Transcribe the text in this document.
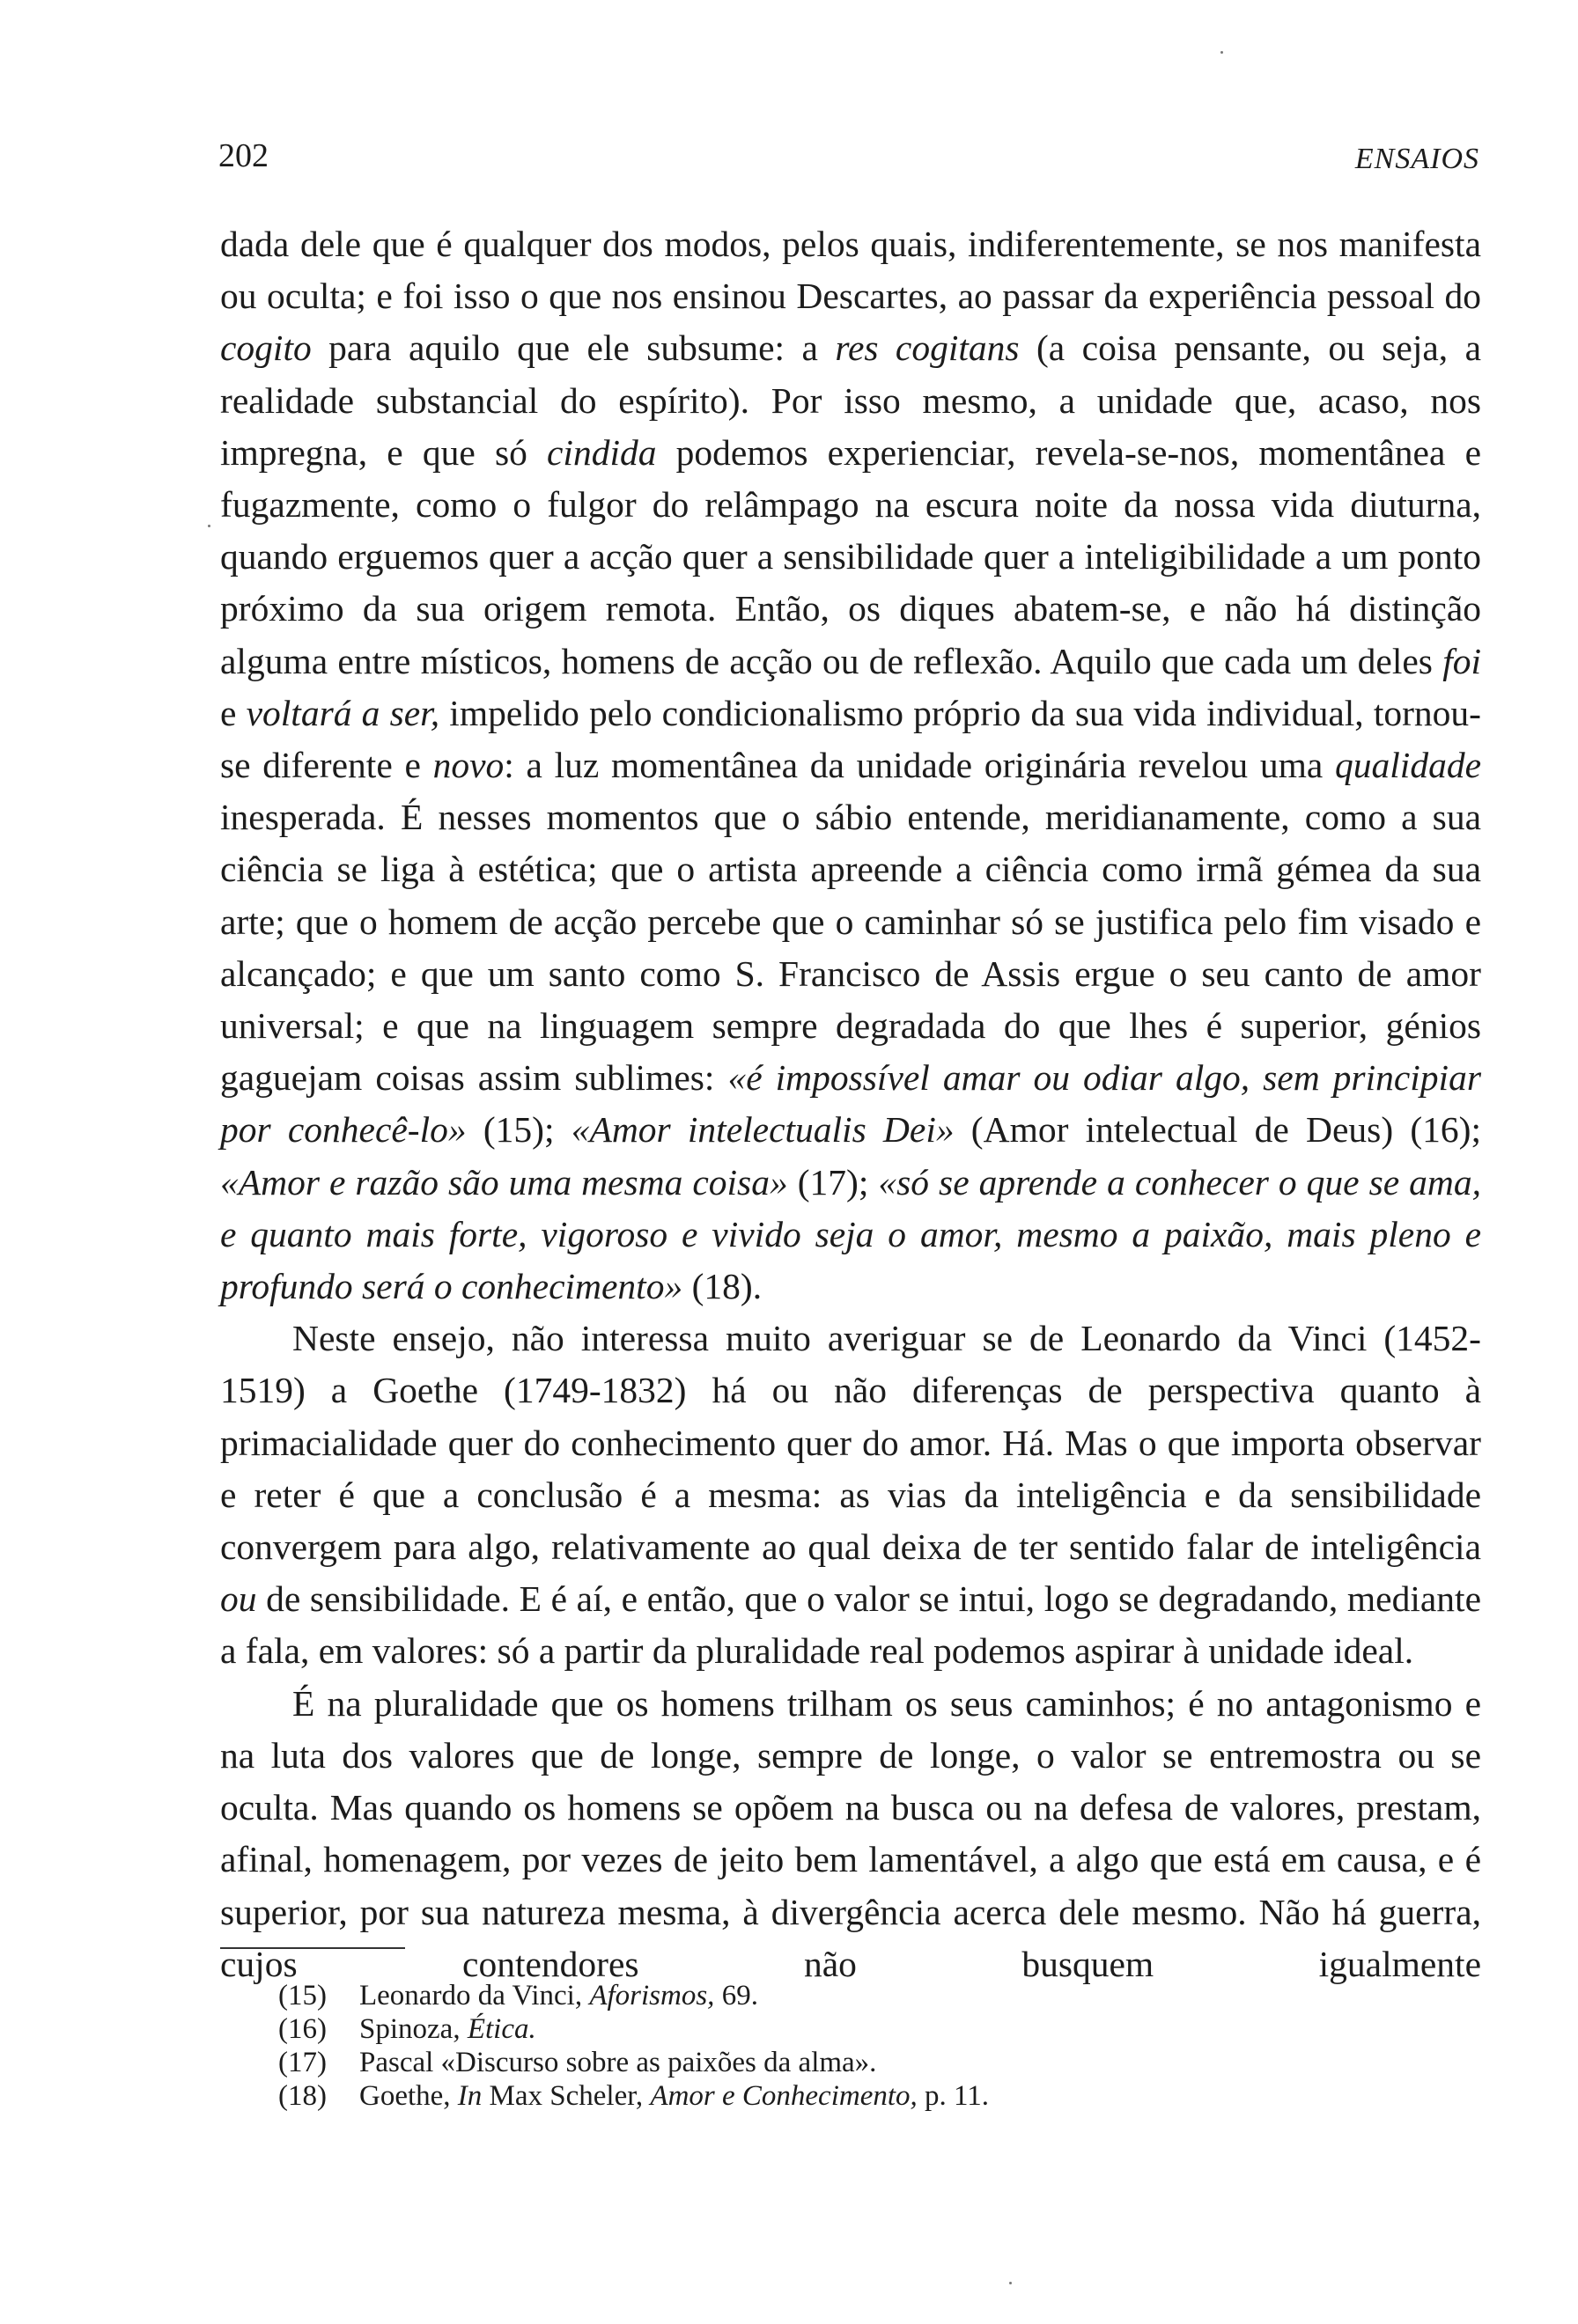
202	ENSAIOS

dada dele que é qualquer dos modos, pelos quais, indiferentemente, se nos manifesta ou oculta; e foi isso o que nos ensinou Descartes, ao passar da experiência pessoal do cogito para aquilo que ele subsume: a res cogitans (a coisa pensante, ou seja, a realidade substancial do espírito). Por isso mesmo, a unidade que, acaso, nos impregna, e que só cindida podemos experienciar, revela-se-nos, momentânea e fugazmente, como o fulgor do relâmpago na escura noite da nossa vida diuturna, quando erguemos quer a acção quer a sensibilidade quer a inteligibilidade a um ponto próximo da sua origem remota. Então, os diques abatem-se, e não há distinção alguma entre místicos, homens de acção ou de reflexão. Aquilo que cada um deles foi e voltará a ser, impelido pelo condicionalismo próprio da sua vida individual, tornou-se diferente e novo: a luz momentânea da unidade originária revelou uma qualidade inesperada. É nesses momentos que o sábio entende, meridianamente, como a sua ciência se liga à estética; que o artista apreende a ciência como irmã gémea da sua arte; que o homem de acção percebe que o caminhar só se justifica pelo fim visado e alcançado; e que um santo como S. Francisco de Assis ergue o seu canto de amor universal; e que na linguagem sempre degradada do que lhes é superior, génios gaguejam coisas assim sublimes: «é impossível amar ou odiar algo, sem principiar por conhecê-lo» (15); «Amor intelectualis Dei» (Amor intelectual de Deus) (16); «Amor e razão são uma mesma coisa» (17); «só se aprende a conhecer o que se ama, e quanto mais forte, vigoroso e vivido seja o amor, mesmo a paixão, mais pleno e profundo será o conhecimento» (18).

Neste ensejo, não interessa muito averiguar se de Leonardo da Vinci (1452-1519) a Goethe (1749-1832) há ou não diferenças de perspectiva quanto à primacialidade quer do conhecimento quer do amor. Há. Mas o que importa observar e reter é que a conclusão é a mesma: as vias da inteligência e da sensibilidade convergem para algo, relativamente ao qual deixa de ter sentido falar de inteligência ou de sensibilidade. E é aí, e então, que o valor se intui, logo se degradando, mediante a fala, em valores: só a partir da pluralidade real podemos aspirar à unidade ideal.

É na pluralidade que os homens trilham os seus caminhos; é no antagonismo e na luta dos valores que de longe, sempre de longe, o valor se entremostra ou se oculta. Mas quando os homens se opõem na busca ou na defesa de valores, prestam, afinal, homenagem, por vezes de jeito bem lamentável, a algo que está em causa, e é superior, por sua natureza mesma, à divergência acerca dele mesmo. Não há guerra, cujos contendores não busquem igualmente

(15)	Leonardo da Vinci, Aforismos, 69.
(16)	Spinoza, Ética.
(17)	Pascal «Discurso sobre as paixões da alma».
(18)	Goethe, In Max Scheler, Amor e Conhecimento, p. 11.
